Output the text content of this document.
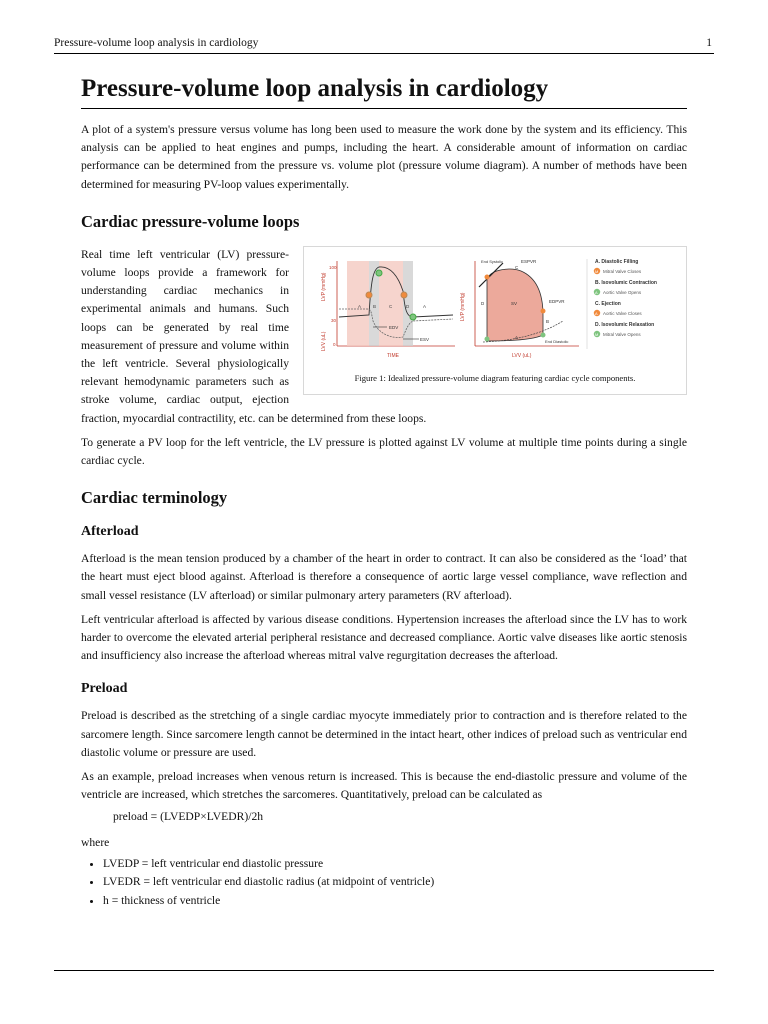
Pressure-volume loop analysis in cardiology	1
Pressure-volume loop analysis in cardiology

A plot of a system's pressure versus volume has long been used to measure the work done by the system and its efficiency. This analysis can be applied to heat engines and pumps, including the heart. A considerable amount of information on cardiac performance can be determined from the pressure vs. volume plot (pressure volume diagram). A number of methods have been determined for measuring PV-loop values experimentally.

Cardiac pressure-volume loops
LVP (mmHg)
LVV (uL)
100
30
0
A	B	C	D	A
EDV
ESV
TIME
LVP (mmHg)
End Systolic	ESPVR
EDPVR
SV
End Diastolic
A
B
C
D
LVV (uL)
A. Diastolic Filling
M Mitral Valve Closes
B. Isovolumic Contraction
A Aortic Valve Opens
C. Ejection
A Aortic Valve Closes
D. Isovolumic Relaxation
M Mitral Valve Opens
Figure 1: Idealized pressure-volume diagram featuring cardiac cycle components.

Real time left ventricular (LV) pressure-volume loops provide a framework for understanding cardiac mechanics in experimental animals and humans. Such loops can be generated by real time measurement of pressure and volume within the left ventricle. Several physiologically relevant hemodynamic parameters such as stroke volume, cardiac output, ejection fraction, myocardial contractility, etc. can be determined from these loops.

To generate a PV loop for the left ventricle, the LV pressure is plotted against LV volume at multiple time points during a single cardiac cycle.

Cardiac terminology
Afterload

Afterload is the mean tension produced by a chamber of the heart in order to contract. It can also be considered as the ‘load’ that the heart must eject blood against. Afterload is therefore a consequence of aortic large vessel compliance, wave reflection and small vessel resistance (LV afterload) or similar pulmonary artery parameters (RV afterload).

Left ventricular afterload is affected by various disease conditions. Hypertension increases the afterload since the LV has to work harder to overcome the elevated arterial peripheral resistance and decreased compliance. Aortic valve diseases like aortic stenosis and insufficiency also increase the afterload whereas mitral valve regurgitation decreases the afterload.

Preload

Preload is described as the stretching of a single cardiac myocyte immediately prior to contraction and is therefore related to the sarcomere length. Since sarcomere length cannot be determined in the intact heart, other indices of preload such as ventricular end diastolic volume or pressure are used.

As an example, preload increases when venous return is increased. This is because the end-diastolic pressure and volume of the ventricle are increased, which stretches the sarcomeres. Quantitatively, preload can be calculated as

preload = (LVEDP×LVEDR)/2h

where

• LVEDP = left ventricular end diastolic pressure
• LVEDR = left ventricular end diastolic radius (at midpoint of ventricle)
• h = thickness of ventricle
